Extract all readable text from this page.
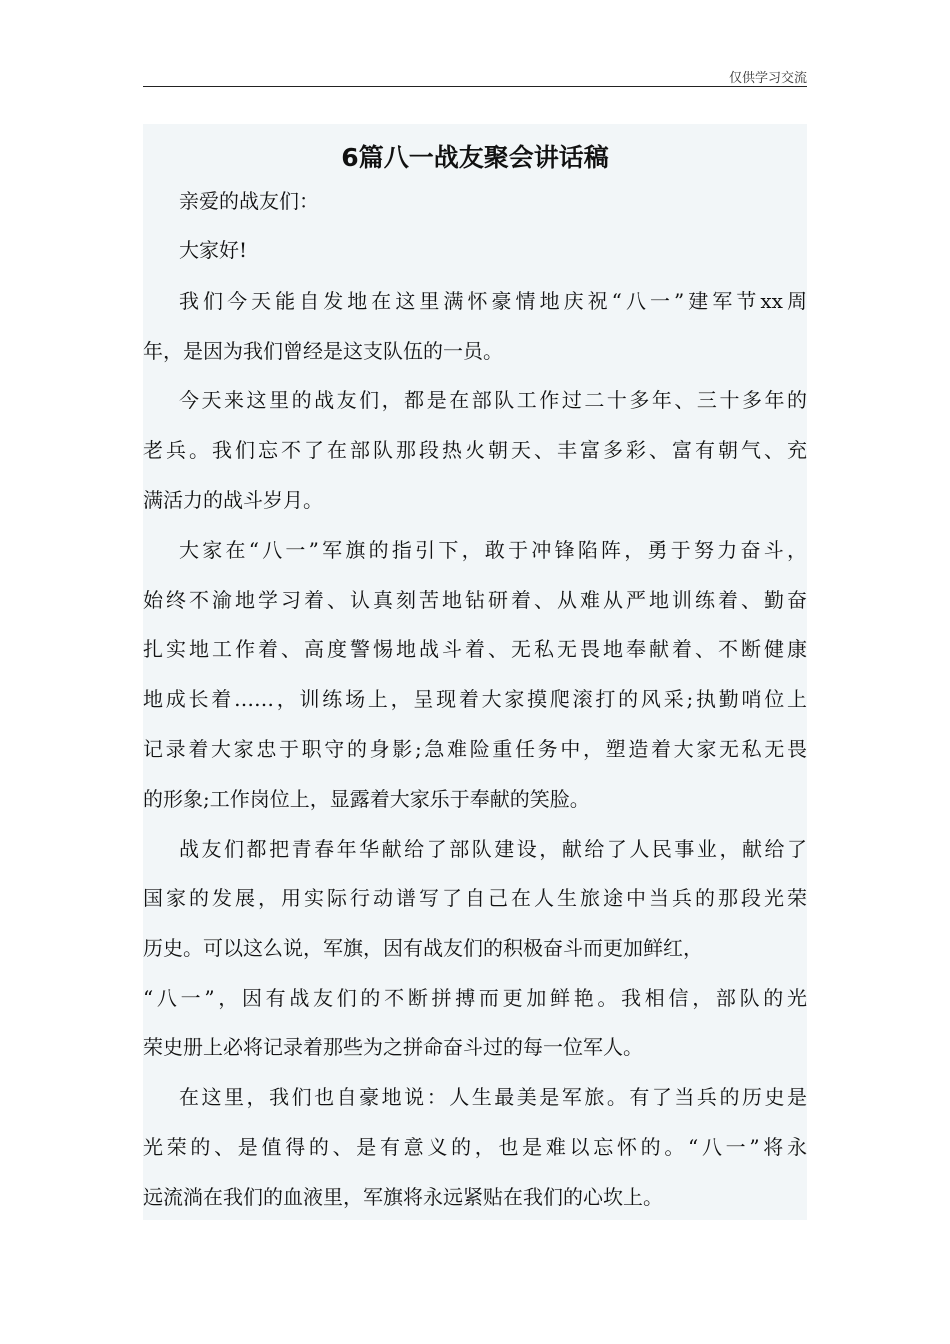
仅供学习交流
6篇八一战友聚会讲话稿
亲爱的战友们：
大家好!
我们今天能自发地在这里满怀豪情地庆祝“八一”建军节xx周
年，是因为我们曾经是这支队伍的一员。
今天来这里的战友们，都是在部队工作过二十多年、三十多年的
老兵。我们忘不了在部队那段热火朝天、丰富多彩、富有朝气、充
满活力的战斗岁月。
大家在“八一”军旗的指引下，敢于冲锋陷阵，勇于努力奋斗，
始终不渝地学习着、认真刻苦地钻研着、从难从严地训练着、勤奋
扎实地工作着、高度警惕地战斗着、无私无畏地奉献着、不断健康
地成长着……，训练场上，呈现着大家摸爬滚打的风采;执勤哨位上
记录着大家忠于职守的身影;急难险重任务中，塑造着大家无私无畏
的形象;工作岗位上，显露着大家乐于奉献的笑脸。
战友们都把青春年华献给了部队建设，献给了人民事业，献给了
国家的发展，用实际行动谱写了自己在人生旅途中当兵的那段光荣
历史。可以这么说，军旗，因有战友们的积极奋斗而更加鲜红，
“八一”，因有战友们的不断拼搏而更加鲜艳。我相信，部队的光
荣史册上必将记录着那些为之拼命奋斗过的每一位军人。
在这里，我们也自豪地说：人生最美是军旅。有了当兵的历史是
光荣的、是值得的、是有意义的，也是难以忘怀的。“八一”将永
远流淌在我们的血液里，军旗将永远紧贴在我们的心坎上。
